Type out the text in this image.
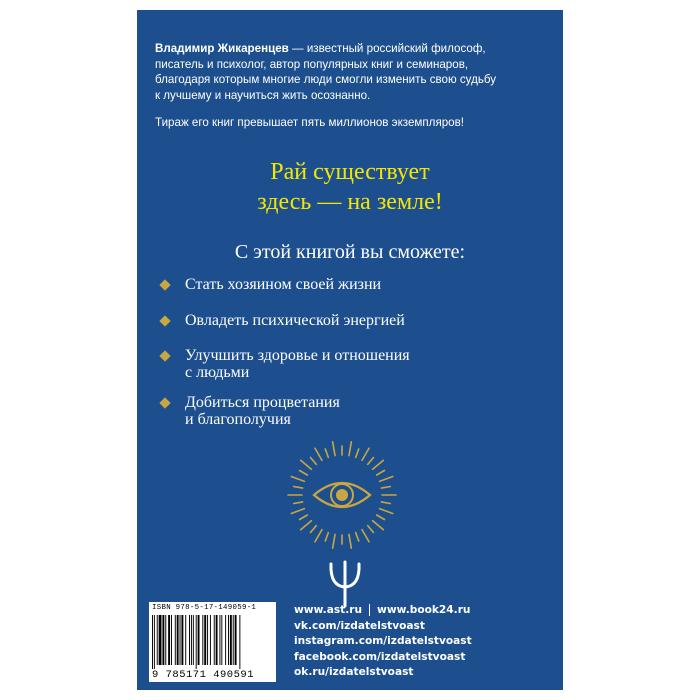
Владимир Жикаренцев — известный российский философ,
писатель и психолог, автор популярных книг и семинаров,
благодаря которым многие люди смогли изменить свою судьбу
к лучшему и научиться жить осознанно.

Тираж его книг превышает пять миллионов экземпляров!

Рай существует
здесь — на земле!
С этой книгой вы сможете:
Стать хозяином своей жизни
Овладеть психической энергией
Улучшить здоровье и отношения
с людьми
Добиться процветания
и благополучия
ISBN 978-5-17-149059-1
9 785171 490591
www.ast.ru www.book24.ru
vk.com/izdatelstvoast
instagram.com/izdatelstvoast
facebook.com/izdatelstvoast
ok.ru/izdatelstvoast
